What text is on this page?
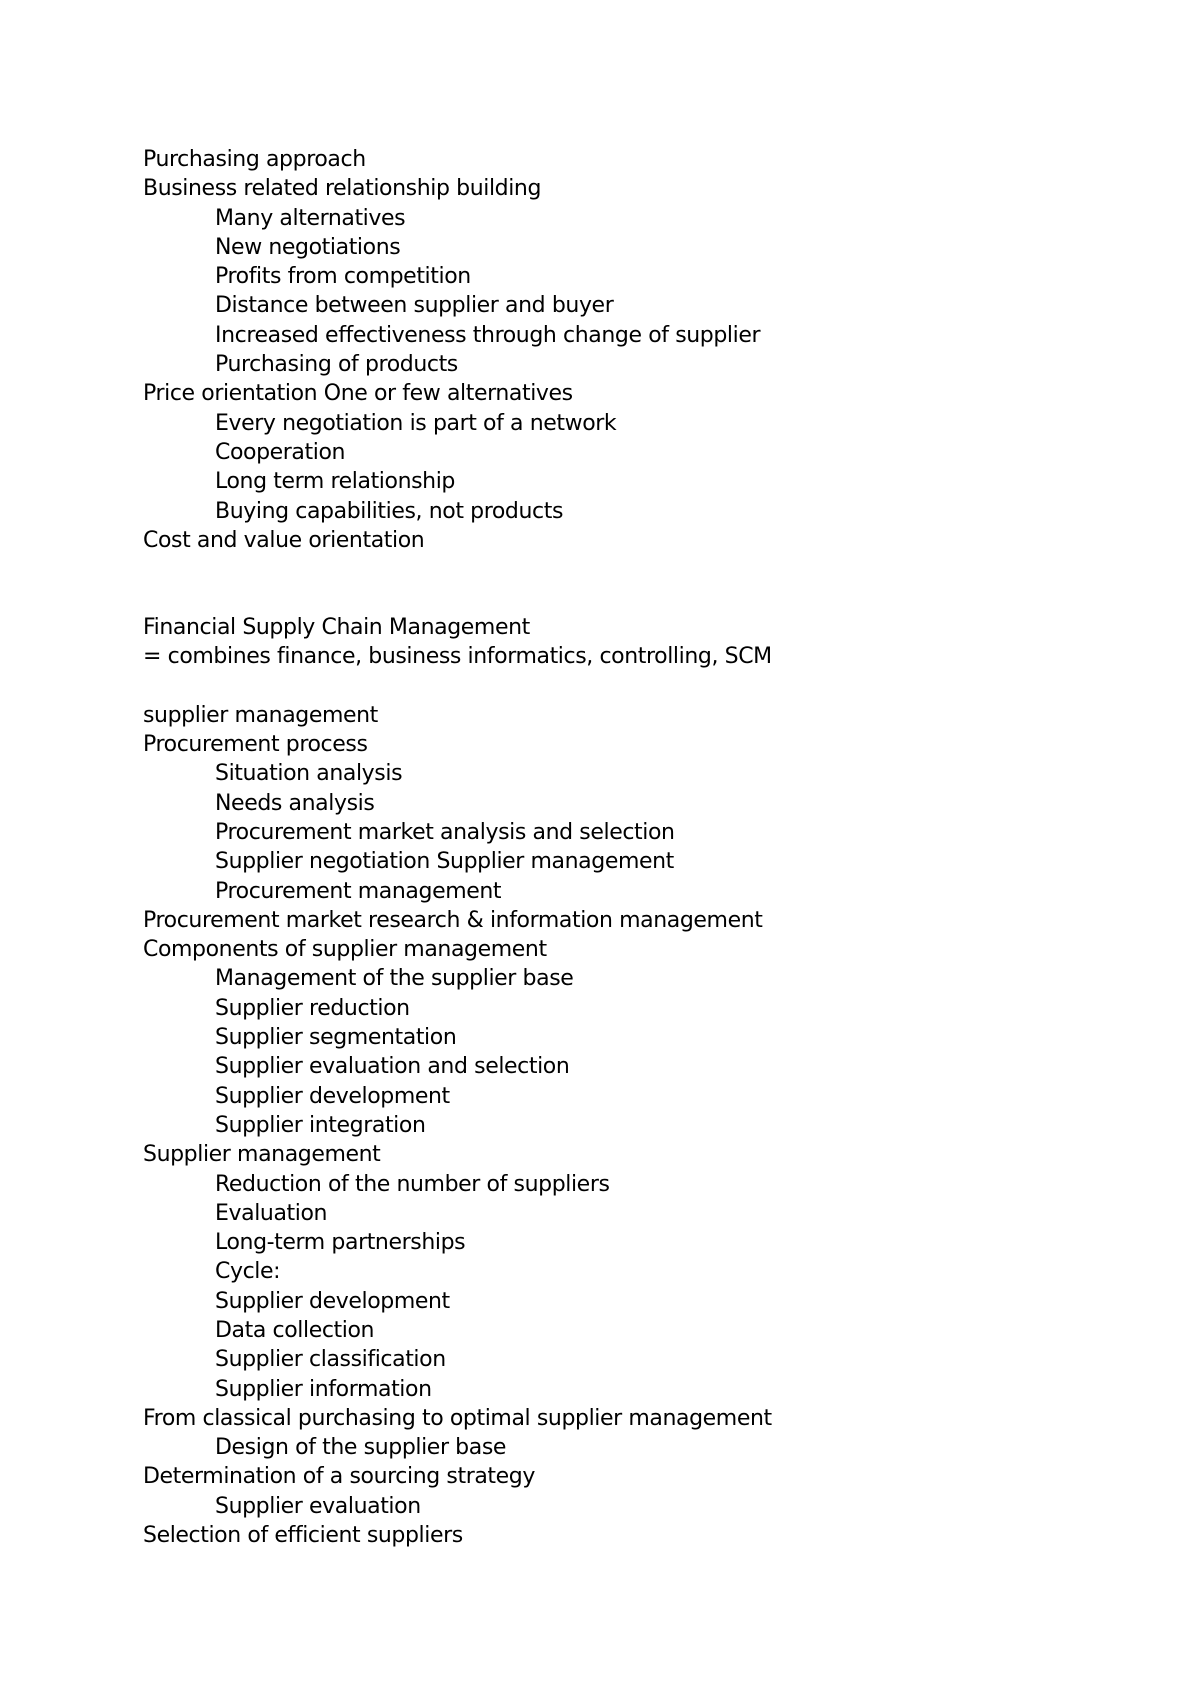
Purchasing approach
Business related relationship building
Many alternatives
New negotiations
Profits from competition
Distance between supplier and buyer
Increased effectiveness through change of supplier
Purchasing of products
Price orientation One or few alternatives
Every negotiation is part of a network
Cooperation
Long term relationship
Buying capabilities, not products
Cost and value orientation
Financial Supply Chain Management
= combines finance, business informatics, controlling, SCM
supplier management
Procurement process
Situation analysis
Needs analysis
Procurement market analysis and selection
Supplier negotiation Supplier management
Procurement management
Procurement market research & information management
Components of supplier management
Management of the supplier base
Supplier reduction
Supplier segmentation
Supplier evaluation and selection
Supplier development
Supplier integration
Supplier management
Reduction of the number of suppliers
Evaluation
Long-term partnerships
Cycle:
Supplier development
Data collection
Supplier classification
Supplier information
From classical purchasing to optimal supplier management
Design of the supplier base
Determination of a sourcing strategy
Supplier evaluation
Selection of efficient suppliers
